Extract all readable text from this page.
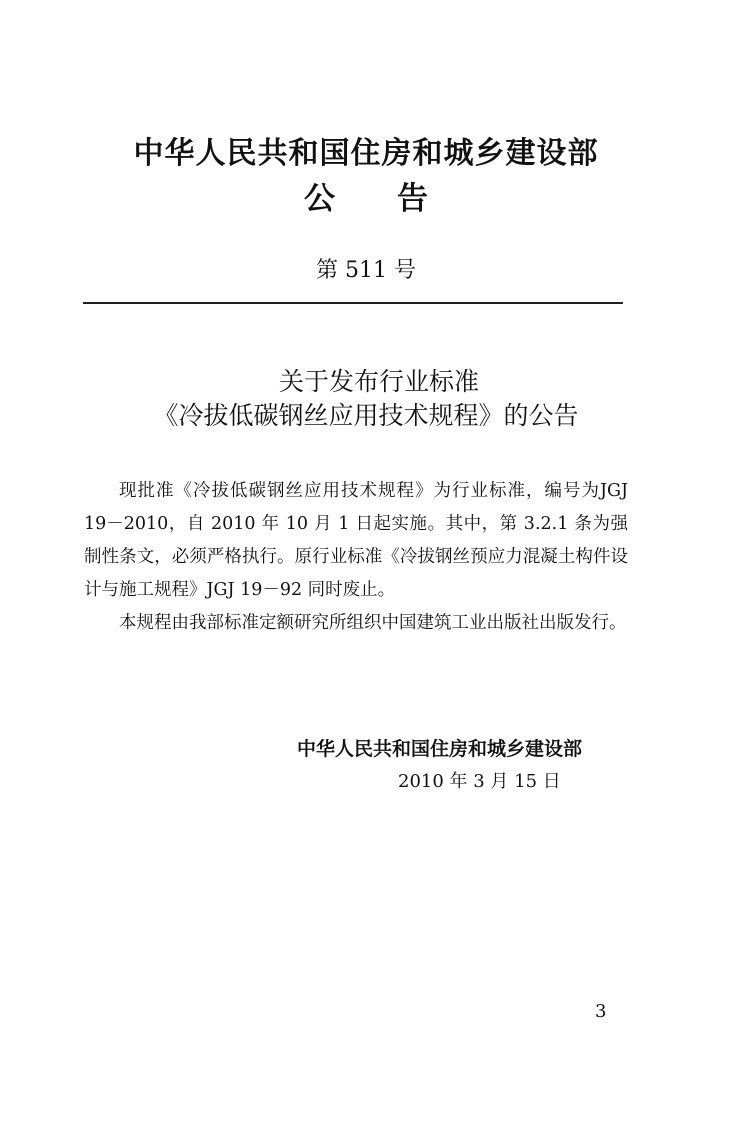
中华人民共和国住房和城乡建设部
公告
第 511 号
关于发布行业标准
《冷拔低碳钢丝应用技术规程》的公告

现批准《冷拔低碳钢丝应用技术规程》为行业标准，编号为JGJ 19－2010，自 2010 年 10 月 1 日起实施。其中，第 3.2.1 条为强制性条文，必须严格执行。原行业标准《冷拔钢丝预应力混凝土构件设计与施工规程》JGJ 19－92 同时废止。

本规程由我部标准定额研究所组织中国建筑工业出版社出版发行。

中华人民共和国住房和城乡建设部
2010 年 3 月 15 日
3
